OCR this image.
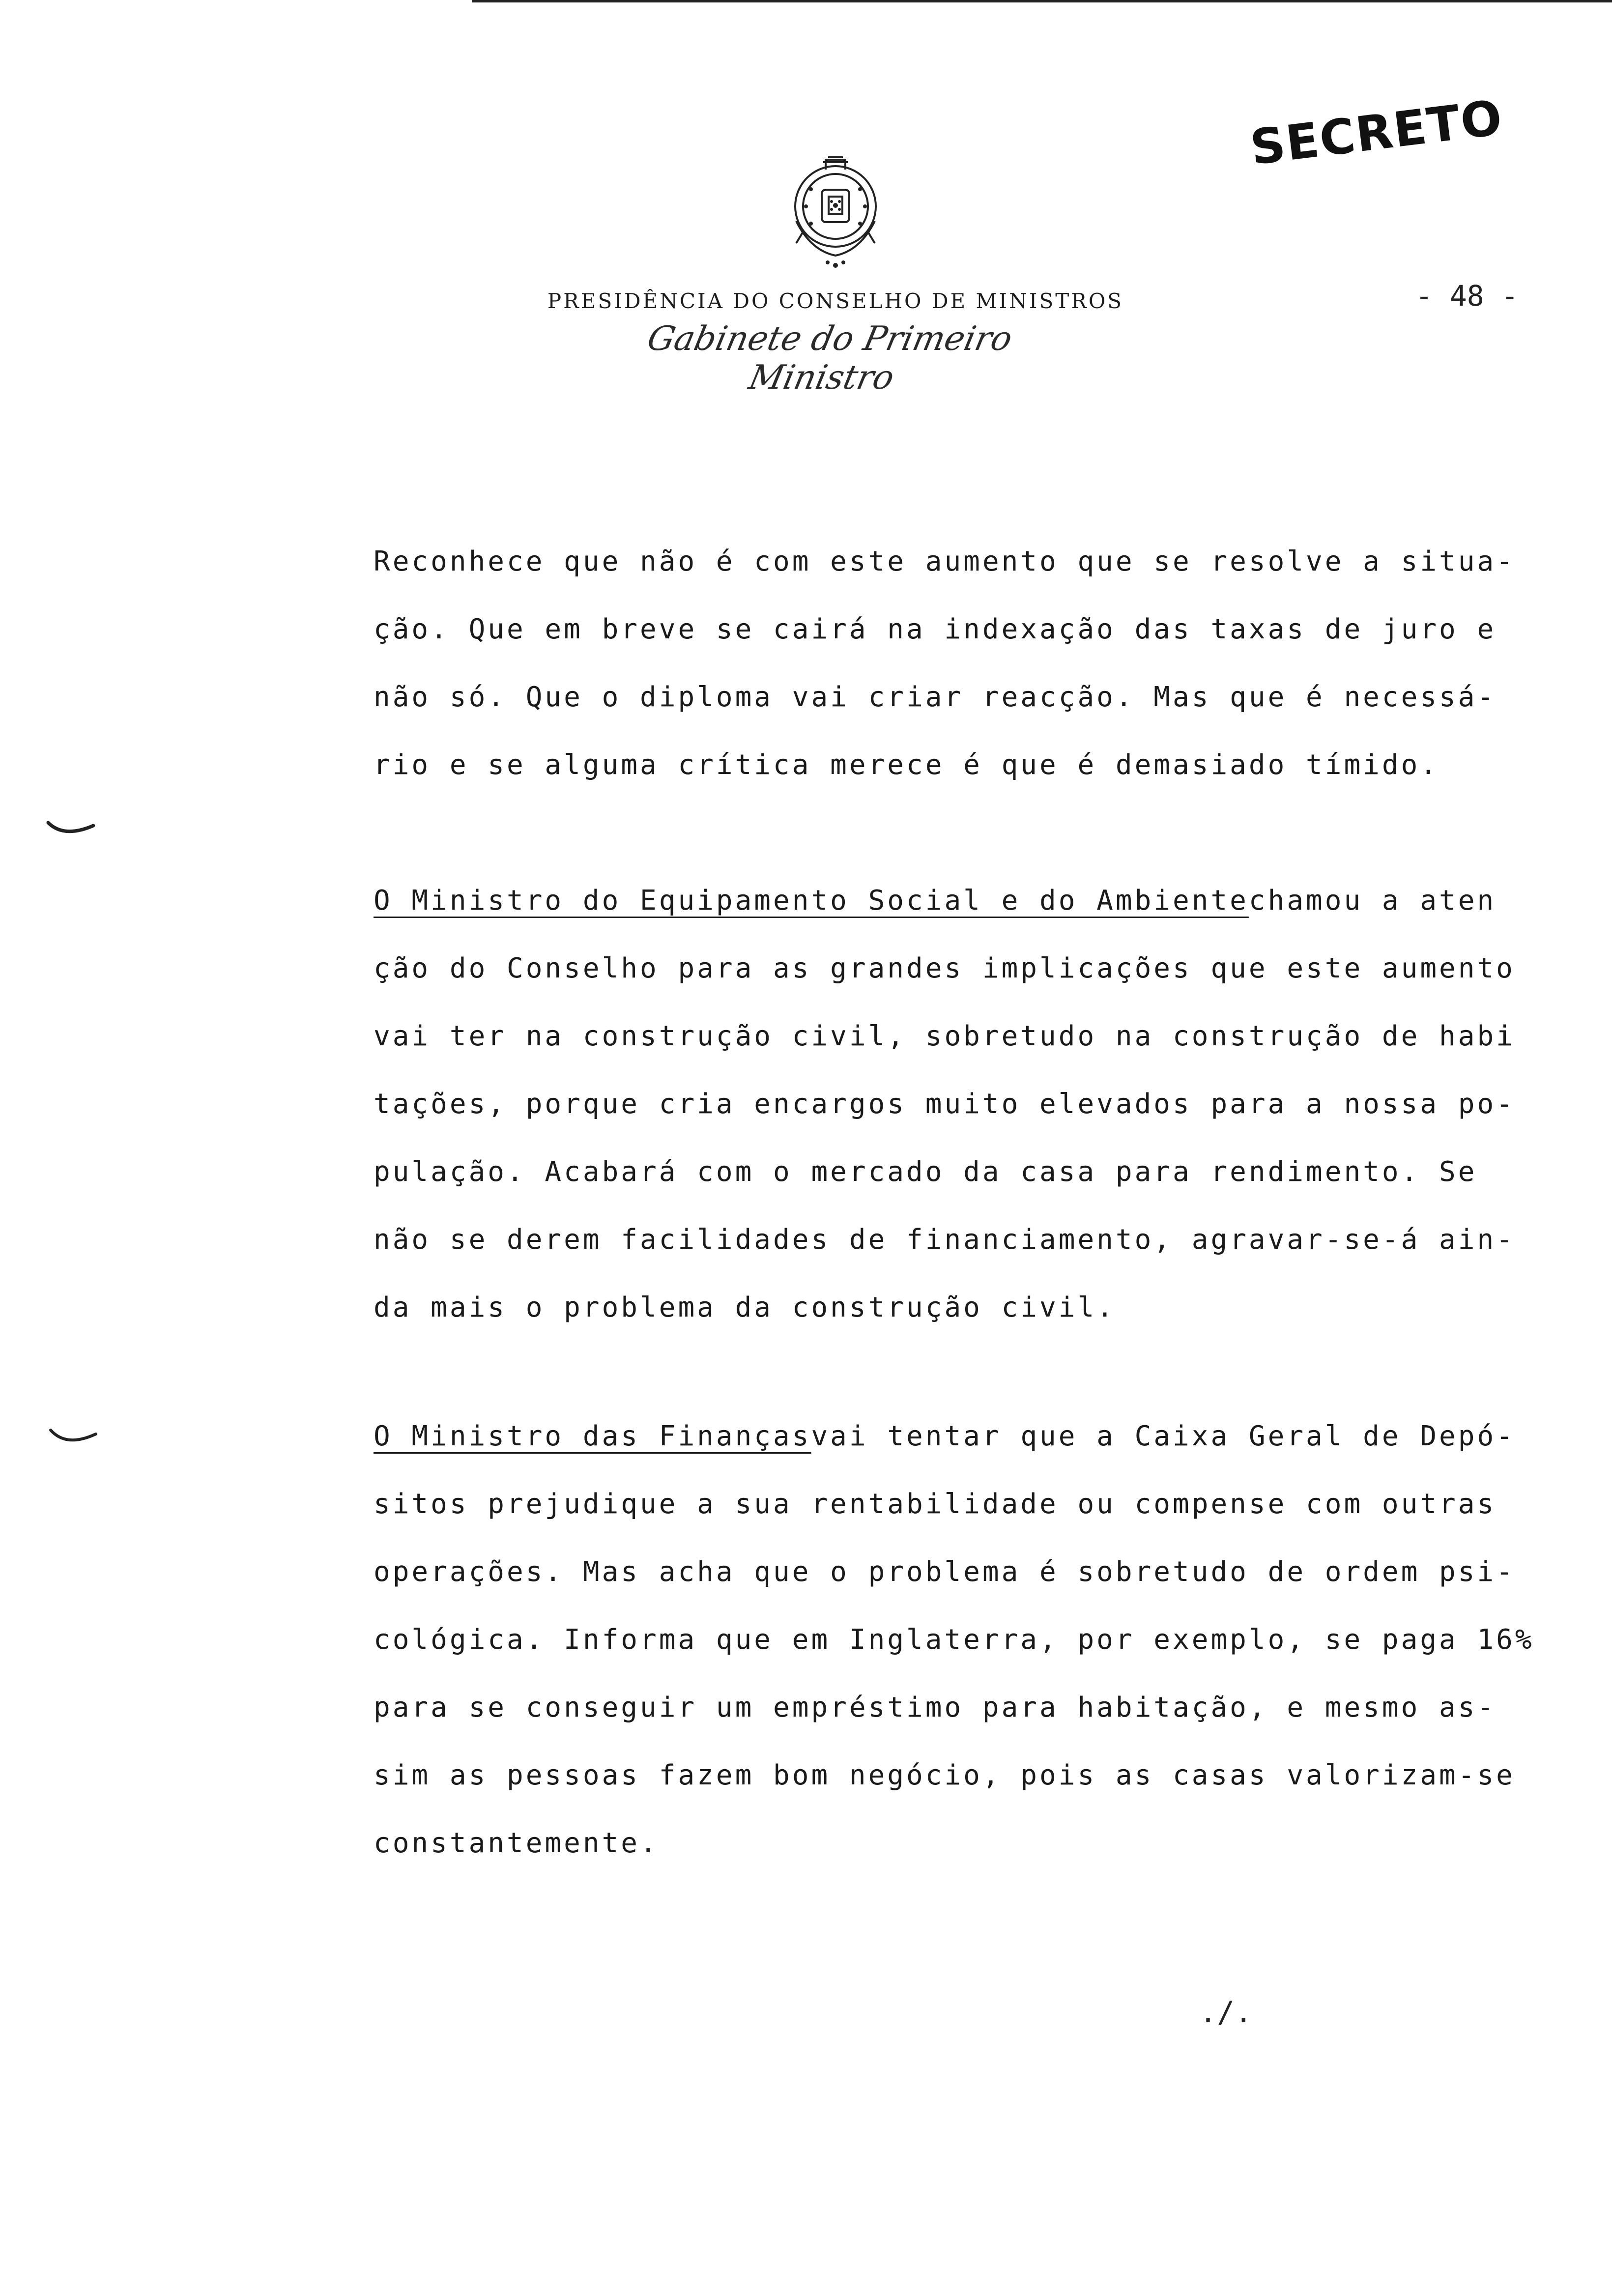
SECRETO
PRESIDÊNCIA DO CONSELHO DE MINISTROS
Gabinete do Primeiro Ministro
- 48 -
Reconhece que não é com este aumento que se resolve a situa-
ção. Que em breve se cairá na indexação das taxas de juro e
não só. Que o diploma vai criar reacção. Mas que é necessá-
rio e se alguma crítica merece é que é demasiado tímido.
O Ministro do Equipamento Social e do Ambiente chamou a aten
ção do Conselho para as grandes implicações que este aumento
vai ter na construção civil, sobretudo na construção de habi
tações, porque cria encargos muito elevados para a nossa po-
pulação. Acabará com o mercado da casa para rendimento. Se
não se derem facilidades de financiamento, agravar-se-á ain-
da mais o problema da construção civil.
O Ministro das Finanças vai tentar que a Caixa Geral de Depó-
sitos prejudique a sua rentabilidade ou compense com outras
operações. Mas acha que o problema é sobretudo de ordem psi-
cológica. Informa que em Inglaterra, por exemplo, se paga 16%
para se conseguir um empréstimo para habitação, e mesmo as-
sim as pessoas fazem bom negócio, pois as casas valorizam-se
constantemente.
./.
